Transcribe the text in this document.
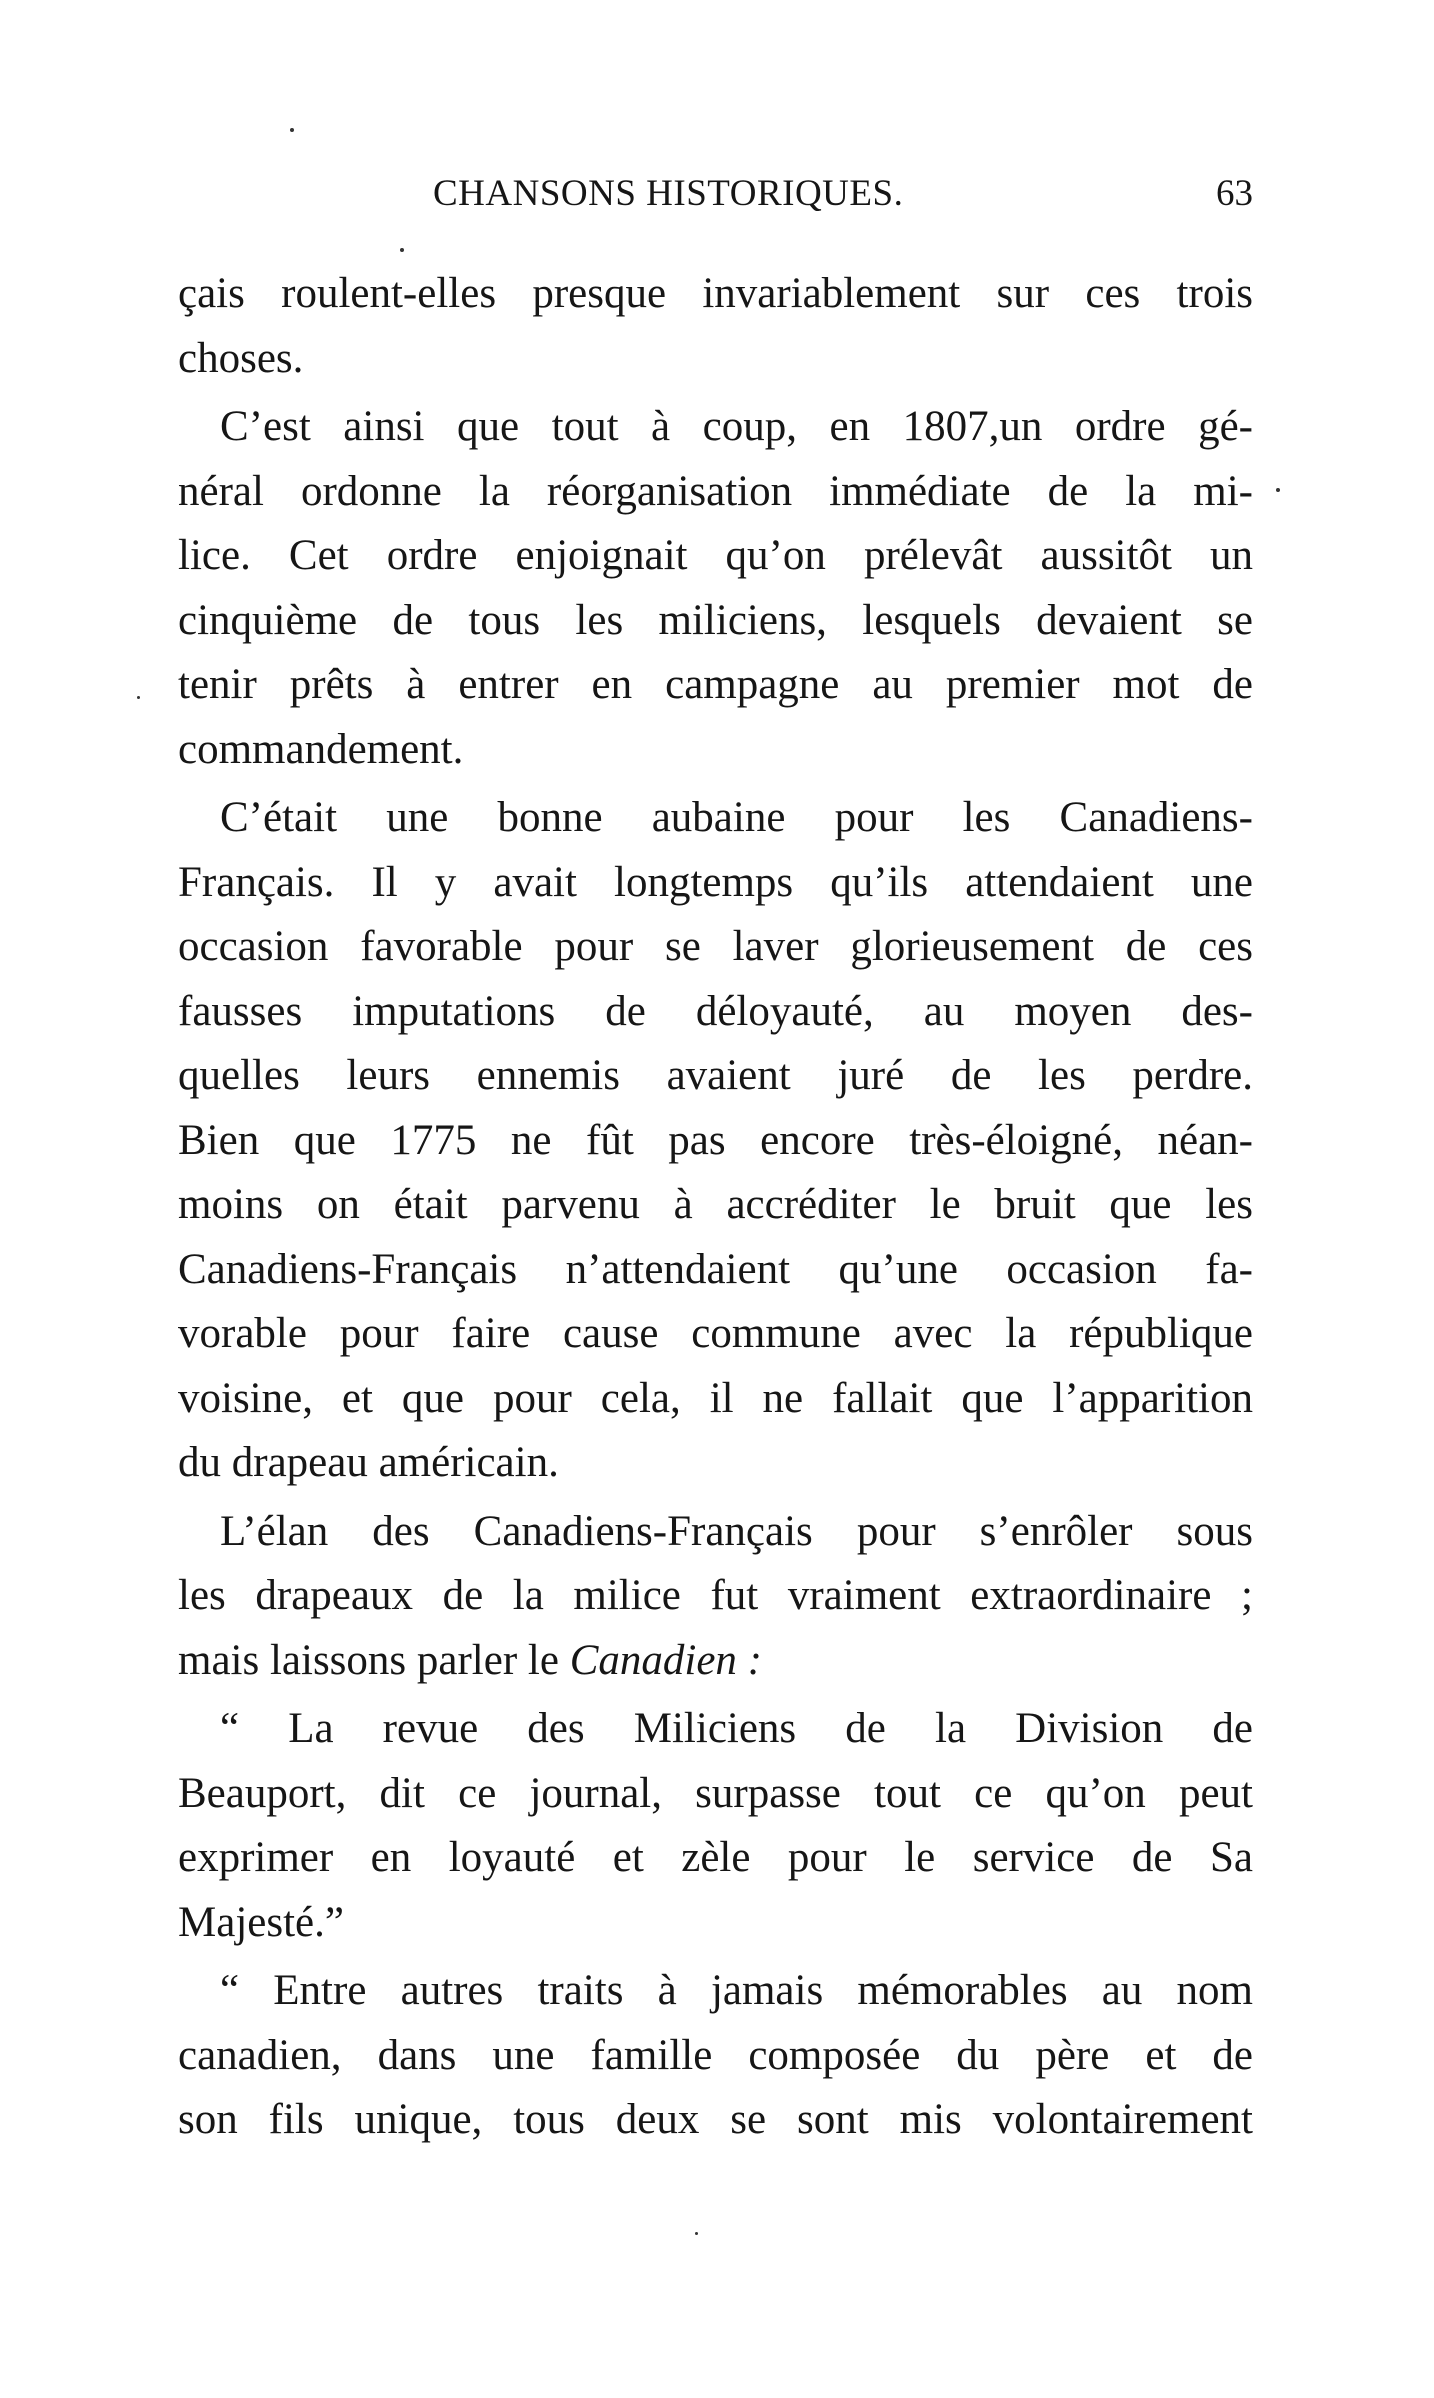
CHANSONS HISTORIQUES.	63
çais roulent-elles presque invariablement sur ces trois
choses.
C’est ainsi que tout à coup, en 1807,un ordre gé-
néral ordonne la réorganisation immédiate de la mi-
lice. Cet ordre enjoignait qu’on prélevât aussitôt un
cinquième de tous les miliciens, lesquels devaient se
tenir prêts à entrer en campagne au premier mot de
commandement.
C’était une bonne aubaine pour les Canadiens-
Français. Il y avait longtemps qu’ils attendaient une
occasion favorable pour se laver glorieusement de ces
fausses imputations de déloyauté, au moyen des-
quelles leurs ennemis avaient juré de les perdre.
Bien que 1775 ne fût pas encore très-éloigné, néan-
moins on était parvenu à accréditer le bruit que les
Canadiens-Français n’attendaient qu’une occasion fa-
vorable pour faire cause commune avec la république
voisine, et que pour cela, il ne fallait que l’apparition
du drapeau américain.
L’élan des Canadiens-Français pour s’enrôler sous
les drapeaux de la milice fut vraiment extraordinaire ;
mais laissons parler le Canadien :
“ La revue des Miliciens de la Division de
Beauport, dit ce journal, surpasse tout ce qu’on peut
exprimer en loyauté et zèle pour le service de Sa
Majesté.”
“ Entre autres traits à jamais mémorables au nom
canadien, dans une famille composée du père et de
son fils unique, tous deux se sont mis volontairement
